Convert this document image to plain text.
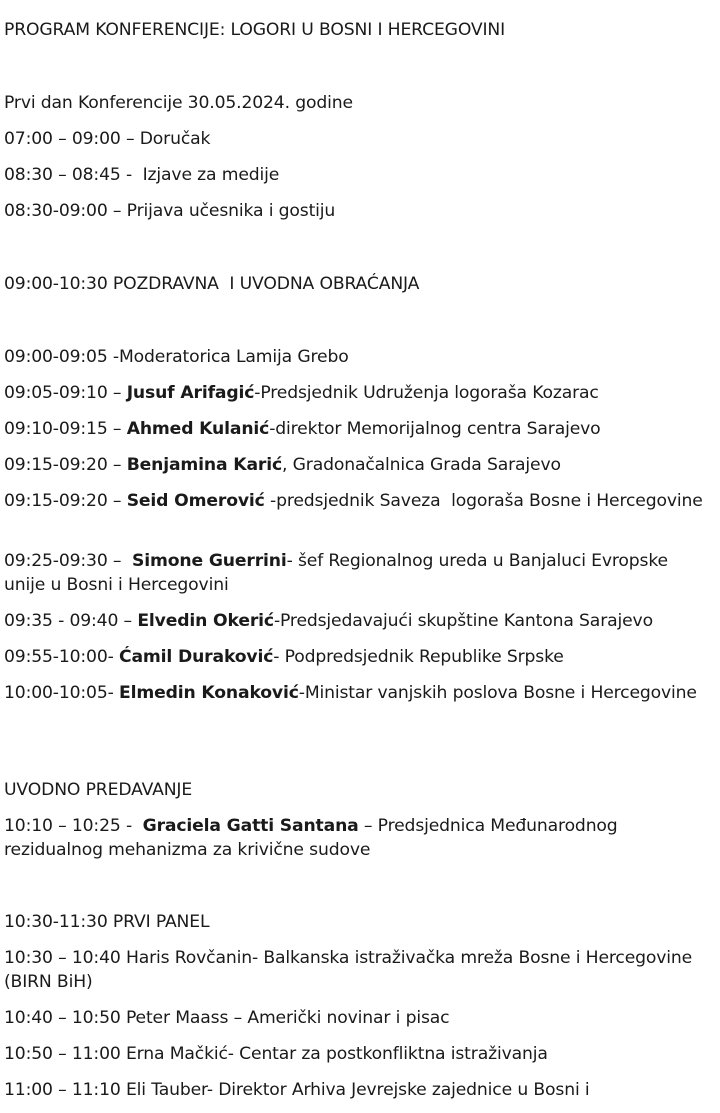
PROGRAM KONFERENCIJE: LOGORI U BOSNI I HERCEGOVINI
Prvi dan Konferencije 30.05.2024. godine
07:00 – 09:00 – Doručak
08:30 – 08:45 -  Izjave za medije
08:30-09:00 – Prijava učesnika i gostiju
09:00-10:30 POZDRAVNA  I UVODNA OBRAĆANJA
09:00-09:05 -Moderatorica Lamija Grebo
09:05-09:10 – Jusuf Arifagić-Predsjednik Udruženja logoraša Kozarac
09:10-09:15 – Ahmed Kulanić-direktor Memorijalnog centra Sarajevo
09:15-09:20 – Benjamina Karić, Gradonačalnica Grada Sarajevo
09:15-09:20 – Seid Omerović -predsjednik Saveza  logoraša Bosne i Hercegovine
09:25-09:30 –  Simone Guerrini- šef Regionalnog ureda u Banjaluci Evropske unije u Bosni i Hercegovini
09:35 - 09:40 – Elvedin Okerić-Predsjedavajući skupštine Kantona Sarajevo
09:55-10:00- Ćamil Duraković- Podpredsjednik Republike Srpske
10:00-10:05- Elmedin Konaković-Ministar vanjskih poslova Bosne i Hercegovine
UVODNO PREDAVANJE
10:10 – 10:25 -  Graciela Gatti Santana – Predsjednica Međunarodnog rezidualnog mehanizma za krivične sudove
10:30-11:30 PRVI PANEL
10:30 – 10:40 Haris Rovčanin- Balkanska istraživačka mreža Bosne i Hercegovine (BIRN BiH)
10:40 – 10:50 Peter Maass – Američki novinar i pisac
10:50 – 11:00 Erna Mačkić- Centar za postkonfliktna istraživanja
11:00 – 11:10 Eli Tauber- Direktor Arhiva Jevrejske zajednice u Bosni i
